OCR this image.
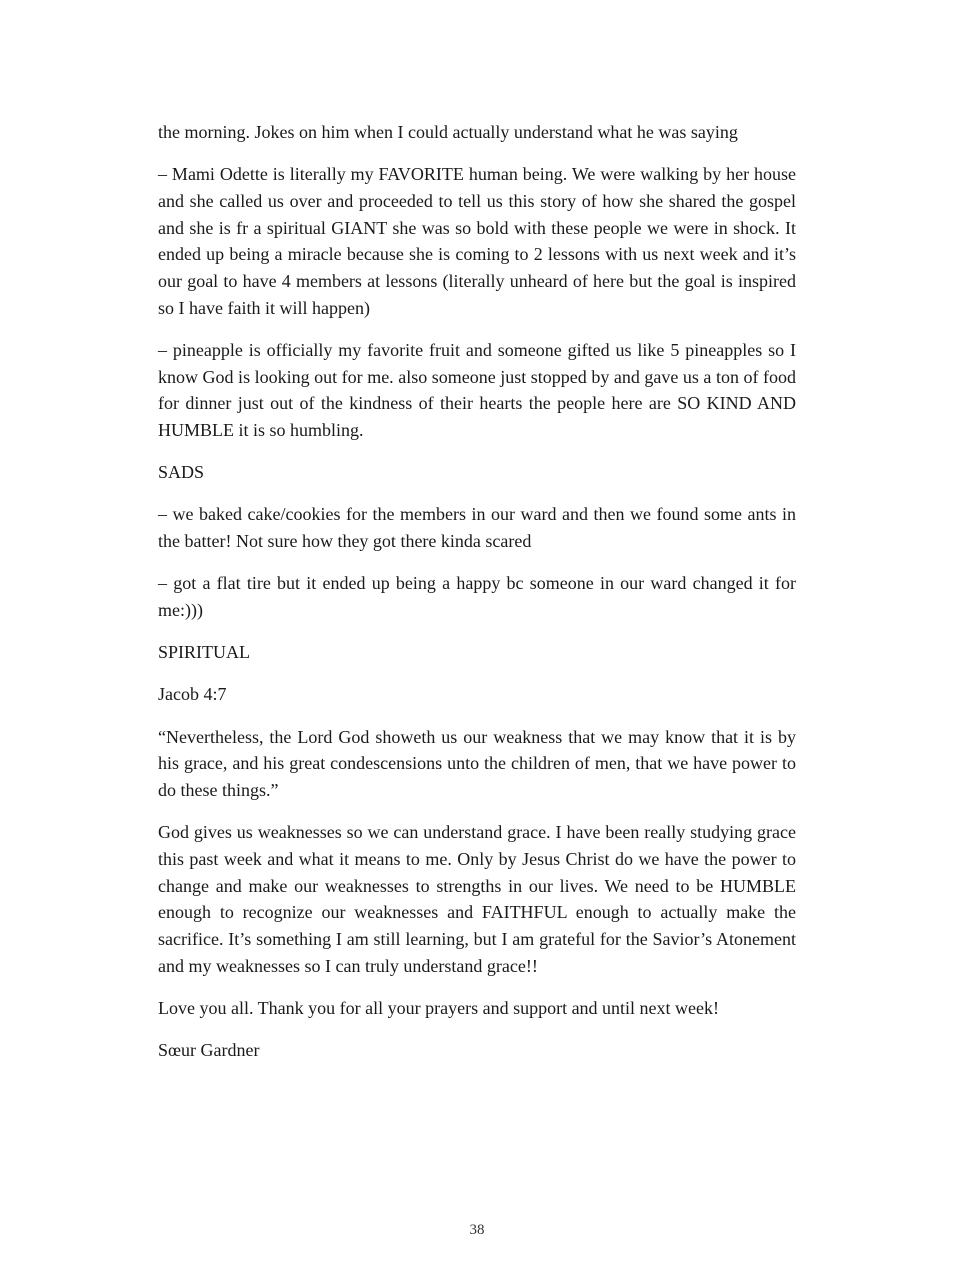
the morning. Jokes on him when I could actually understand what he was saying

– Mami Odette is literally my FAVORITE human being. We were walking by her house and she called us over and proceeded to tell us this story of how she shared the gospel and she is fr a spiritual GIANT she was so bold with these people we were in shock. It ended up being a miracle because she is coming to 2 lessons with us next week and it’s our goal to have 4 members at lessons (literally unheard of here but the goal is inspired so I have faith it will happen)

– pineapple is officially my favorite fruit and someone gifted us like 5 pineapples so I know God is looking out for me. also someone just stopped by and gave us a ton of food for dinner just out of the kindness of their hearts the people here are SO KIND AND HUMBLE it is so humbling.

SADS

– we baked cake/cookies for the members in our ward and then we found some ants in the batter! Not sure how they got there kinda scared

– got a flat tire but it ended up being a happy bc someone in our ward changed it for me:)))

SPIRITUAL

Jacob 4:7

“Nevertheless, the Lord God showeth us our weakness that we may know that it is by his grace, and his great condescensions unto the children of men, that we have power to do these things.”

God gives us weaknesses so we can understand grace. I have been really studying grace this past week and what it means to me. Only by Jesus Christ do we have the power to change and make our weaknesses to strengths in our lives. We need to be HUMBLE enough to recognize our weaknesses and FAITHFUL enough to actually make the sacrifice. It’s something I am still learning, but I am grateful for the Savior’s Atonement and my weaknesses so I can truly understand grace!!

Love you all. Thank you for all your prayers and support and until next week!

Sœur Gardner

38
